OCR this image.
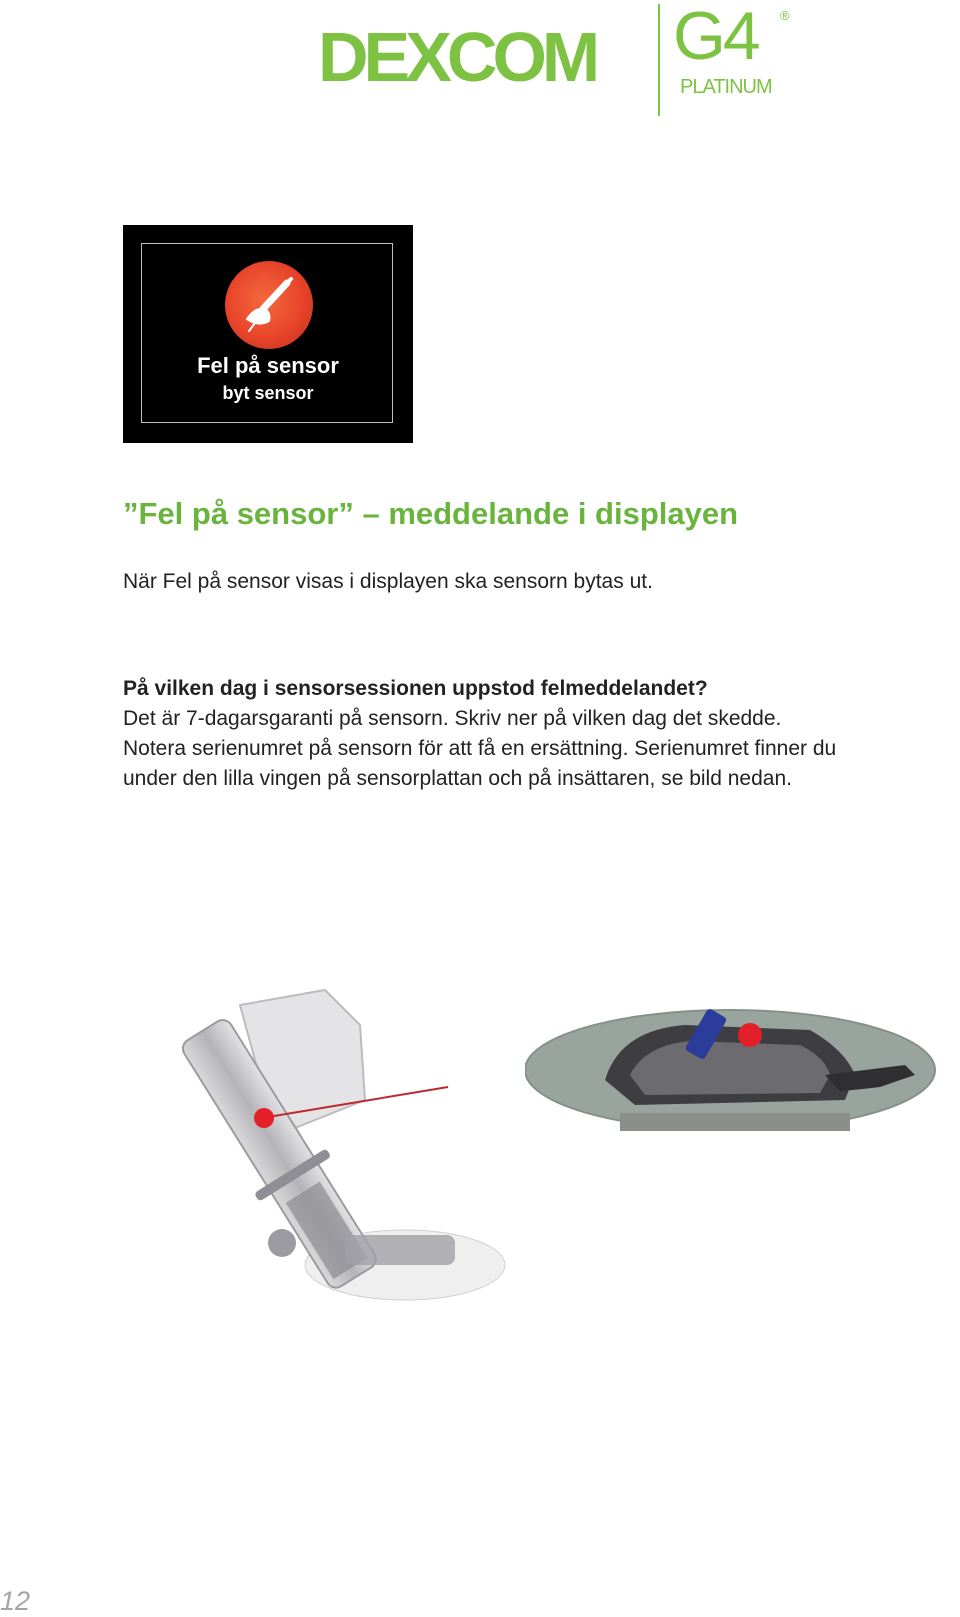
DEXCOM G4 ®
PLATINUM
Fel på sensor
byt sensor
”Fel på sensor” – meddelande i displayen

När Fel på sensor visas i displayen ska sensorn bytas ut.

På vilken dag i sensorsessionen uppstod felmeddelandet?
Det är 7-dagarsgaranti på sensorn. Skriv ner på vilken dag det skedde.
Notera serienumret på sensorn för att få en ersättning. Serienumret finner du
under den lilla vingen på sensorplattan och på insättaren, se bild nedan.

12
